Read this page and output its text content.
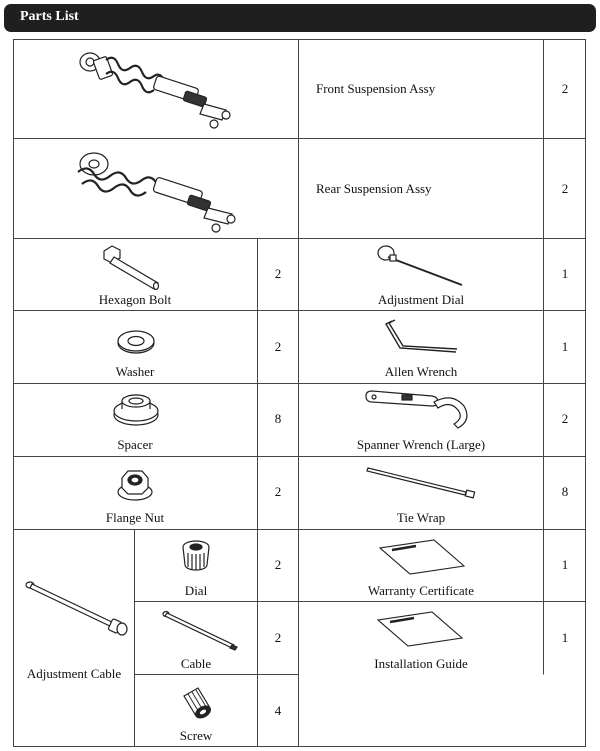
Parts List
Front Suspension Assy	2
Rear Suspension Assy	2
Hexagon Bolt
2
Adjustment Dial
1
Washer
2
Allen Wrench
1
Spacer
8
Spanner Wrench (Large)
2
Flange Nut
2
Tie Wrap
8
Adjustment Cable
Dial
2
Cable
2
Screw
4
Warranty Certificate
1
Installation Guide
1
